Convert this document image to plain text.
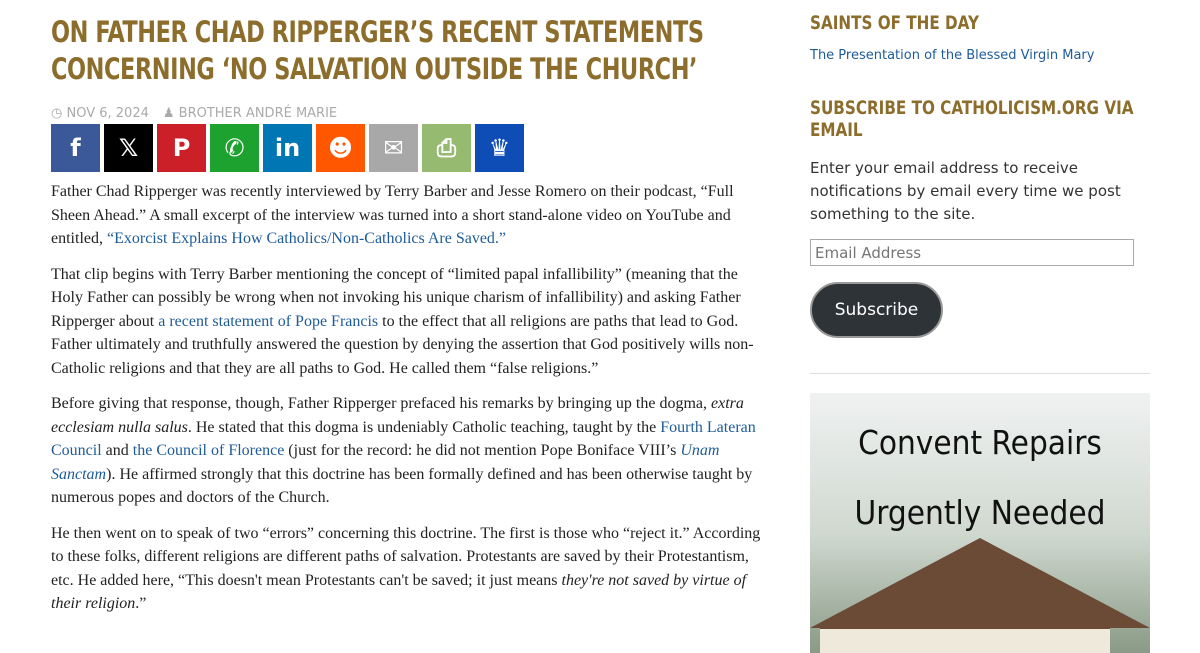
ON FATHER CHAD RIPPERGER’S RECENT STATEMENTS CONCERNING ‘NO SALVATION OUTSIDE THE CHURCH’
◷ NOV 6, 2024 ♟ BROTHER ANDRÉ MARIE
f 𝕏 P ✆ in ☻ ✉ ⎙ ♛

Father Chad Ripperger was recently interviewed by Terry Barber and Jesse Romero on their podcast, “Full Sheen Ahead.” A small excerpt of the interview was turned into a short stand-alone video on YouTube and entitled, “Exorcist Explains How Catholics/Non-Catholics Are Saved.”

That clip begins with Terry Barber mentioning the concept of “limited papal infallibility” (meaning that the Holy Father can possibly be wrong when not invoking his unique charism of infallibility) and asking Father Ripperger about a recent statement of Pope Francis to the effect that all religions are paths that lead to God. Father ultimately and truthfully answered the question by denying the assertion that God positively wills non-Catholic religions and that they are all paths to God. He called them “false religions.”

Before giving that response, though, Father Ripperger prefaced his remarks by bringing up the dogma, extra ecclesiam nulla salus. He stated that this dogma is undeniably Catholic teaching, taught by the Fourth Lateran Council and the Council of Florence (just for the record: he did not mention Pope Boniface VIII’s Unam Sanctam). He affirmed strongly that this doctrine has been formally defined and has been otherwise taught by numerous popes and doctors of the Church.

He then went on to speak of two “errors” concerning this doctrine. The first is those who “reject it.” According to these folks, different religions are different paths of salvation. Protestants are saved by their Protestantism, etc. He added here, “This doesn't mean Protestants can't be saved; it just means they're not saved by virtue of their religion.”

SAINTS OF THE DAY
The Presentation of the Blessed Virgin Mary
SUBSCRIBE TO CATHOLICISM.ORG VIA EMAIL
Enter your email address to receive notifications by email every time we post something to the site.
Email Address
Subscribe
Convent Repairs
Urgently Needed
